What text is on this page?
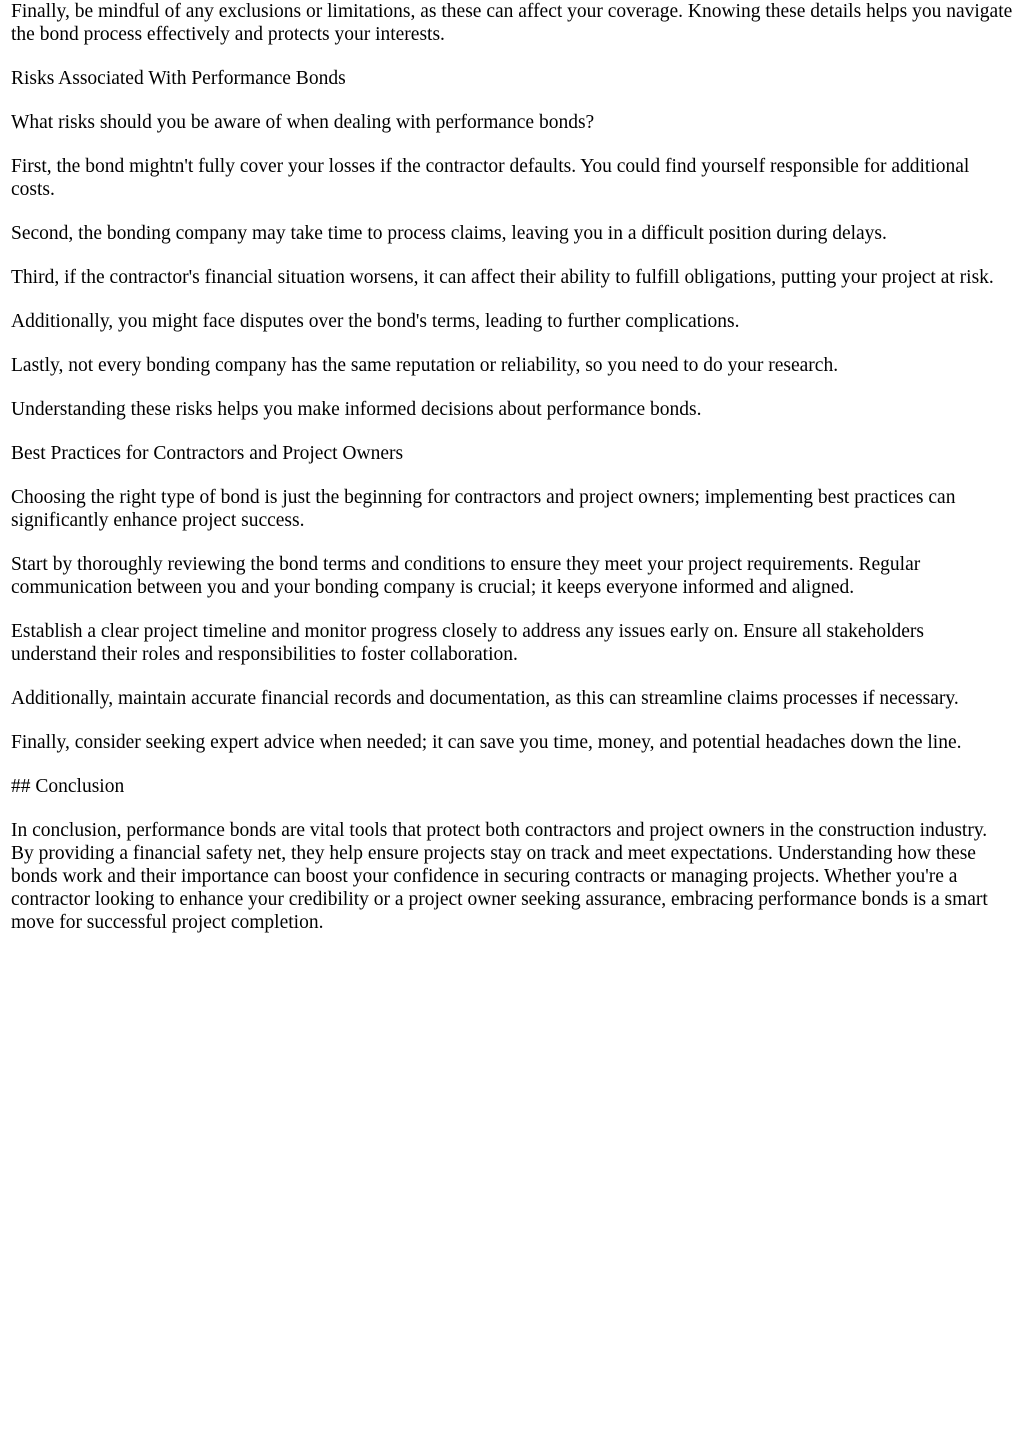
Finally, be mindful of any exclusions or limitations, as these can affect your coverage. Knowing these details helps you navigate the bond process effectively and protects your interests.

Risks Associated With Performance Bonds

What risks should you be aware of when dealing with performance bonds?

First, the bond mightn't fully cover your losses if the contractor defaults. You could find yourself responsible for additional costs.

Second, the bonding company may take time to process claims, leaving you in a difficult position during delays.

Third, if the contractor's financial situation worsens, it can affect their ability to fulfill obligations, putting your project at risk.

Additionally, you might face disputes over the bond's terms, leading to further complications.

Lastly, not every bonding company has the same reputation or reliability, so you need to do your research.

Understanding these risks helps you make informed decisions about performance bonds.

Best Practices for Contractors and Project Owners

Choosing the right type of bond is just the beginning for contractors and project owners; implementing best practices can significantly enhance project success.

Start by thoroughly reviewing the bond terms and conditions to ensure they meet your project requirements. Regular communication between you and your bonding company is crucial; it keeps everyone informed and aligned.

Establish a clear project timeline and monitor progress closely to address any issues early on. Ensure all stakeholders understand their roles and responsibilities to foster collaboration.

Additionally, maintain accurate financial records and documentation, as this can streamline claims processes if necessary.

Finally, consider seeking expert advice when needed; it can save you time, money, and potential headaches down the line.

## Conclusion

In conclusion, performance bonds are vital tools that protect both contractors and project owners in the construction industry. By providing a financial safety net, they help ensure projects stay on track and meet expectations. Understanding how these bonds work and their importance can boost your confidence in securing contracts or managing projects. Whether you're a contractor looking to enhance your credibility or a project owner seeking assurance, embracing performance bonds is a smart move for successful project completion.
